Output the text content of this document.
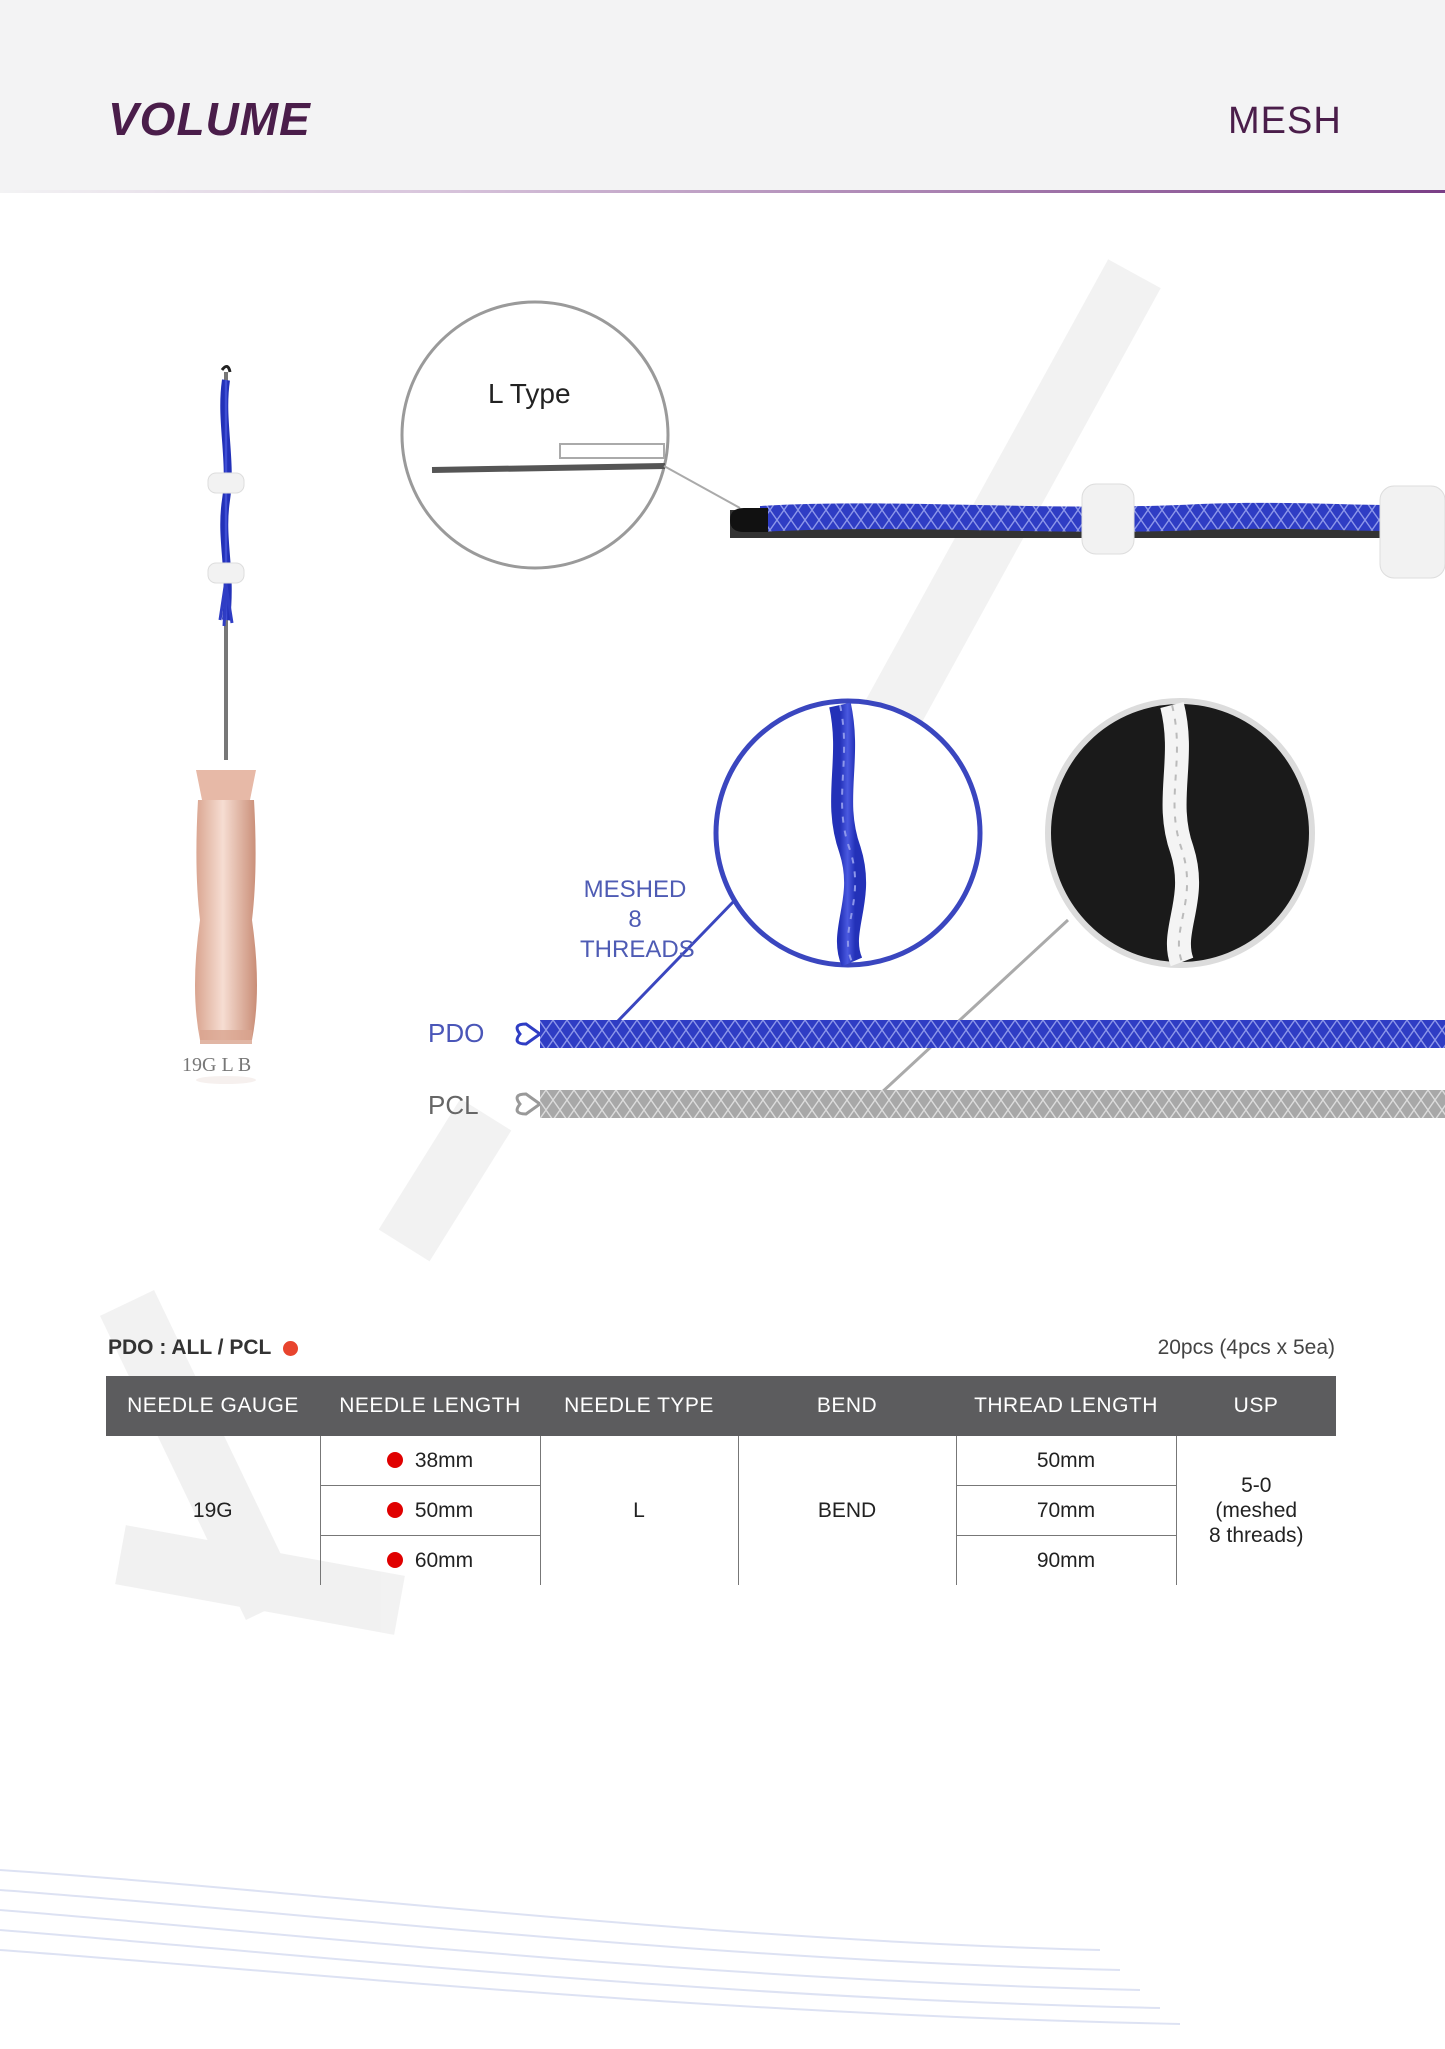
VOLUME	MESH
L Type
MESHED
8 THREADS
PDO
PCL
19G L B
PDO : ALL / PCL	20pcs (4pcs x 5ea)
NEEDLE GAUGE	NEEDLE LENGTH	NEEDLE TYPE	BEND	THREAD LENGTH	USP
19G	38mm	L	BEND	50mm	5-0
(meshed
8 threads)

	50mm			70mm	
	60mm			90mm	
